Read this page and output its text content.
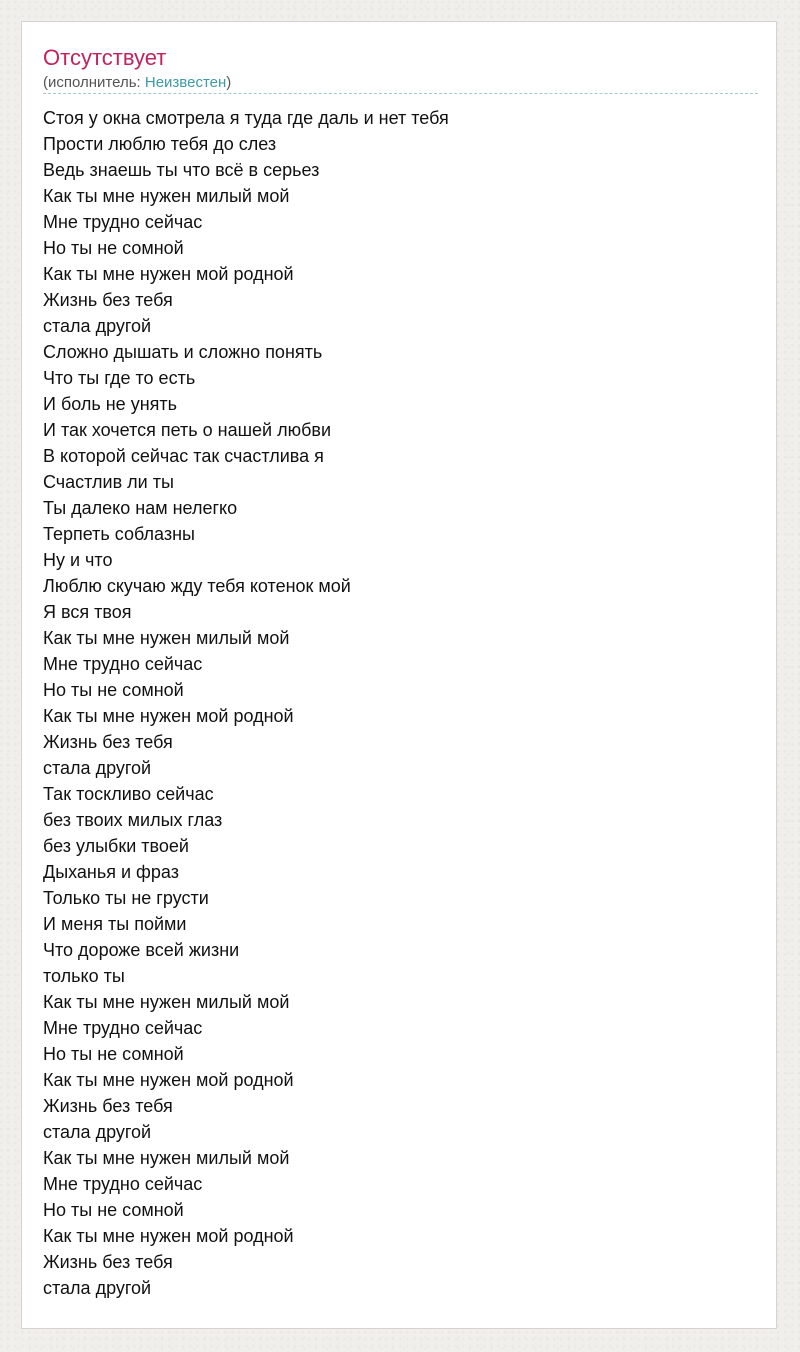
Отсутствует
(исполнитель: Неизвестен)
Стоя у окна смотрела я туда где даль и нет тебя
Прости люблю тебя до слез
Ведь знаешь ты что всё в серьез
Как ты мне нужен милый мой
Мне трудно сейчас
Но ты не сомной
Как ты мне нужен мой родной
Жизнь без тебя
стала другой
Сложно дышать и сложно понять
Что ты где то есть
И боль не унять
И так хочется петь о нашей любви
В которой сейчас так счастлива я
Счастлив ли ты
Ты далеко нам нелегко
Терпеть соблазны
Ну и что
Люблю скучаю жду тебя котенок мой
Я вся твоя
Как ты мне нужен милый мой
Мне трудно сейчас
Но ты не сомной
Как ты мне нужен мой родной
Жизнь без тебя
стала другой
Так тоскливо сейчас
без твоих милых глаз
без улыбки твоей
Дыханья и фраз
Только ты не грусти
И меня ты пойми
Что дороже всей жизни
только ты
Как ты мне нужен милый мой
Мне трудно сейчас
Но ты не сомной
Как ты мне нужен мой родной
Жизнь без тебя
стала другой
Как ты мне нужен милый мой
Мне трудно сейчас
Но ты не сомной
Как ты мне нужен мой родной
Жизнь без тебя
стала другой
